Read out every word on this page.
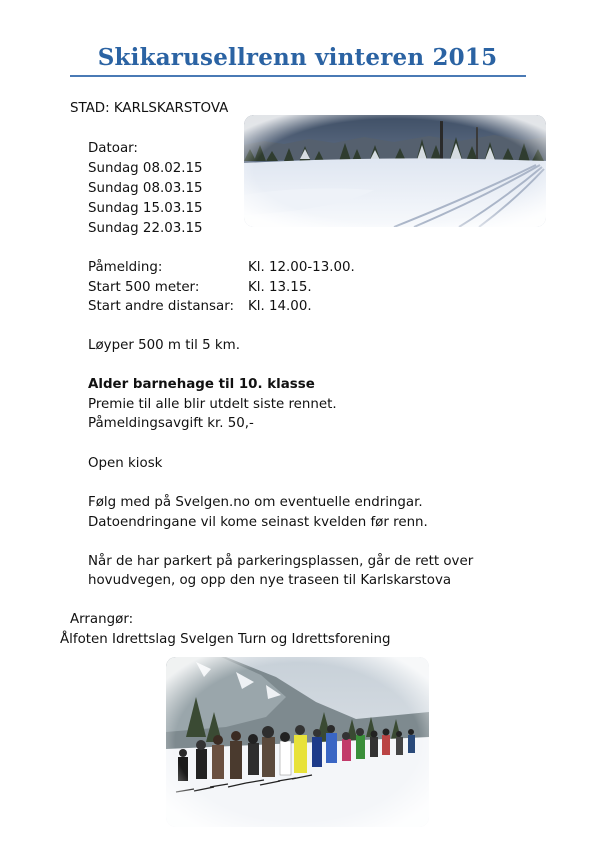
Skikarusellrenn vinteren 2015
STAD: KARLSKARSTOVA
Datoar:
Sundag 08.02.15
Sundag 08.03.15
Sundag 15.03.15
Sundag 22.03.15
Påmelding:	Kl. 12.00-13.00.
Start 500 meter:	Kl. 13.15.
Start andre distansar: Kl. 14.00.
Løyper 500 m til 5 km.
Alder barnehage til 10. klasse
Premie til alle blir utdelt siste rennet.
Påmeldingsavgift kr. 50,-
Open kiosk
Følg med på Svelgen.no om eventuelle endringar.
Datoendringane vil kome seinast kvelden før renn.
Når de har parkert på parkeringsplassen, går de rett over
hovudvegen, og opp den nye traseen til Karlskarstova
Arrangør:
Ålfoten Idrettslag Svelgen Turn og Idrettsforening
